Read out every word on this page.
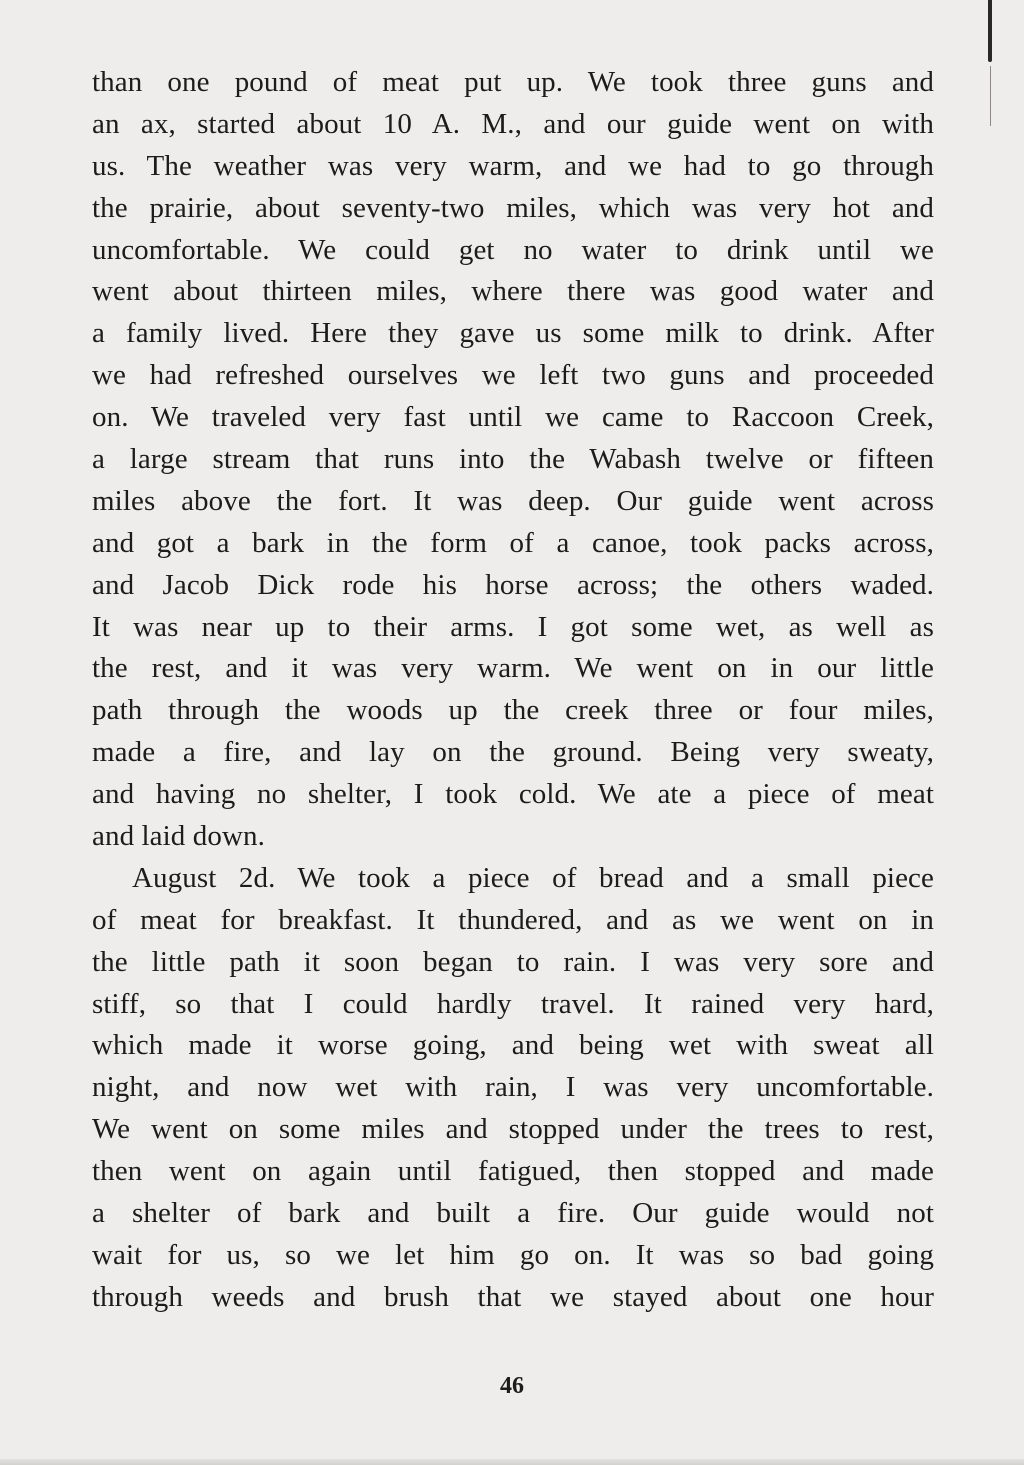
than one pound of meat put up. We took three guns and
an ax, started about 10 A. M., and our guide went on with
us. The weather was very warm, and we had to go through
the prairie, about seventy-two miles, which was very hot and
uncomfortable. We could get no water to drink until we
went about thirteen miles, where there was good water and
a family lived. Here they gave us some milk to drink. After
we had refreshed ourselves we left two guns and proceeded
on. We traveled very fast until we came to Raccoon Creek,
a large stream that runs into the Wabash twelve or fifteen
miles above the fort. It was deep. Our guide went across
and got a bark in the form of a canoe, took packs across,
and Jacob Dick rode his horse across; the others waded.
It was near up to their arms. I got some wet, as well as
the rest, and it was very warm. We went on in our little
path through the woods up the creek three or four miles,
made a fire, and lay on the ground. Being very sweaty,
and having no shelter, I took cold. We ate a piece of meat
and laid down.
August 2d. We took a piece of bread and a small piece
of meat for breakfast. It thundered, and as we went on in
the little path it soon began to rain. I was very sore and
stiff, so that I could hardly travel. It rained very hard,
which made it worse going, and being wet with sweat all
night, and now wet with rain, I was very uncomfortable.
We went on some miles and stopped under the trees to rest,
then went on again until fatigued, then stopped and made
a shelter of bark and built a fire. Our guide would not
wait for us, so we let him go on. It was so bad going
through weeds and brush that we stayed about one hour
46
